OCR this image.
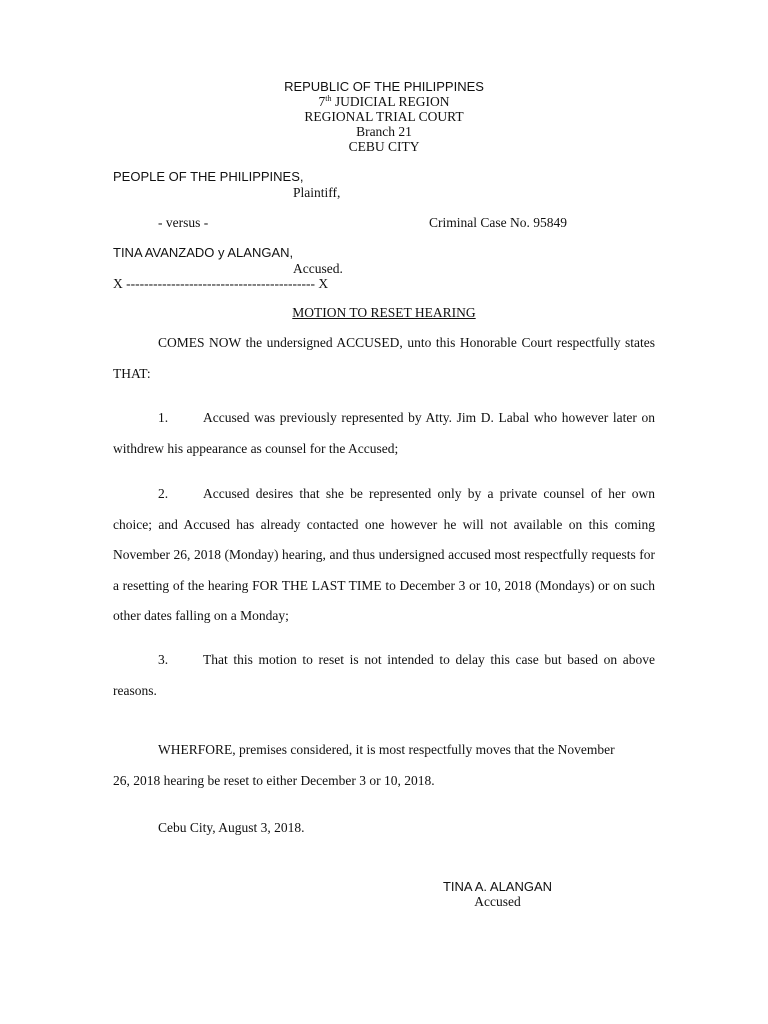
REPUBLIC OF THE PHILIPPINES
7th JUDICIAL REGION
REGIONAL TRIAL COURT
Branch 21
CEBU CITY
PEOPLE OF THE PHILIPPINES,
Plaintiff,
- versus -	Criminal Case No. 95849
TINA AVANZADO y ALANGAN,
Accused.
X ------------------------------------------ X
MOTION TO RESET HEARING
COMES NOW the undersigned ACCUSED, unto this Honorable Court respectfully states THAT:
1.	Accused was previously represented by Atty. Jim D. Labal who however later on withdrew his appearance as counsel for the Accused;
2.	Accused desires that she be represented only by a private counsel of her own choice; and Accused has already contacted one however he will not available on this coming November 26, 2018 (Monday) hearing, and thus undersigned accused most respectfully requests for a resetting of the hearing FOR THE LAST TIME to December 3 or 10, 2018 (Mondays) or on such other dates falling on a Monday;
3.	That this motion to reset is not intended to delay this case but based on above reasons.
WHERFORE, premises considered, it is most respectfully moves that the November 26, 2018 hearing be reset to either December 3 or 10, 2018.
Cebu City, August 3, 2018.
TINA A. ALANGAN
Accused
